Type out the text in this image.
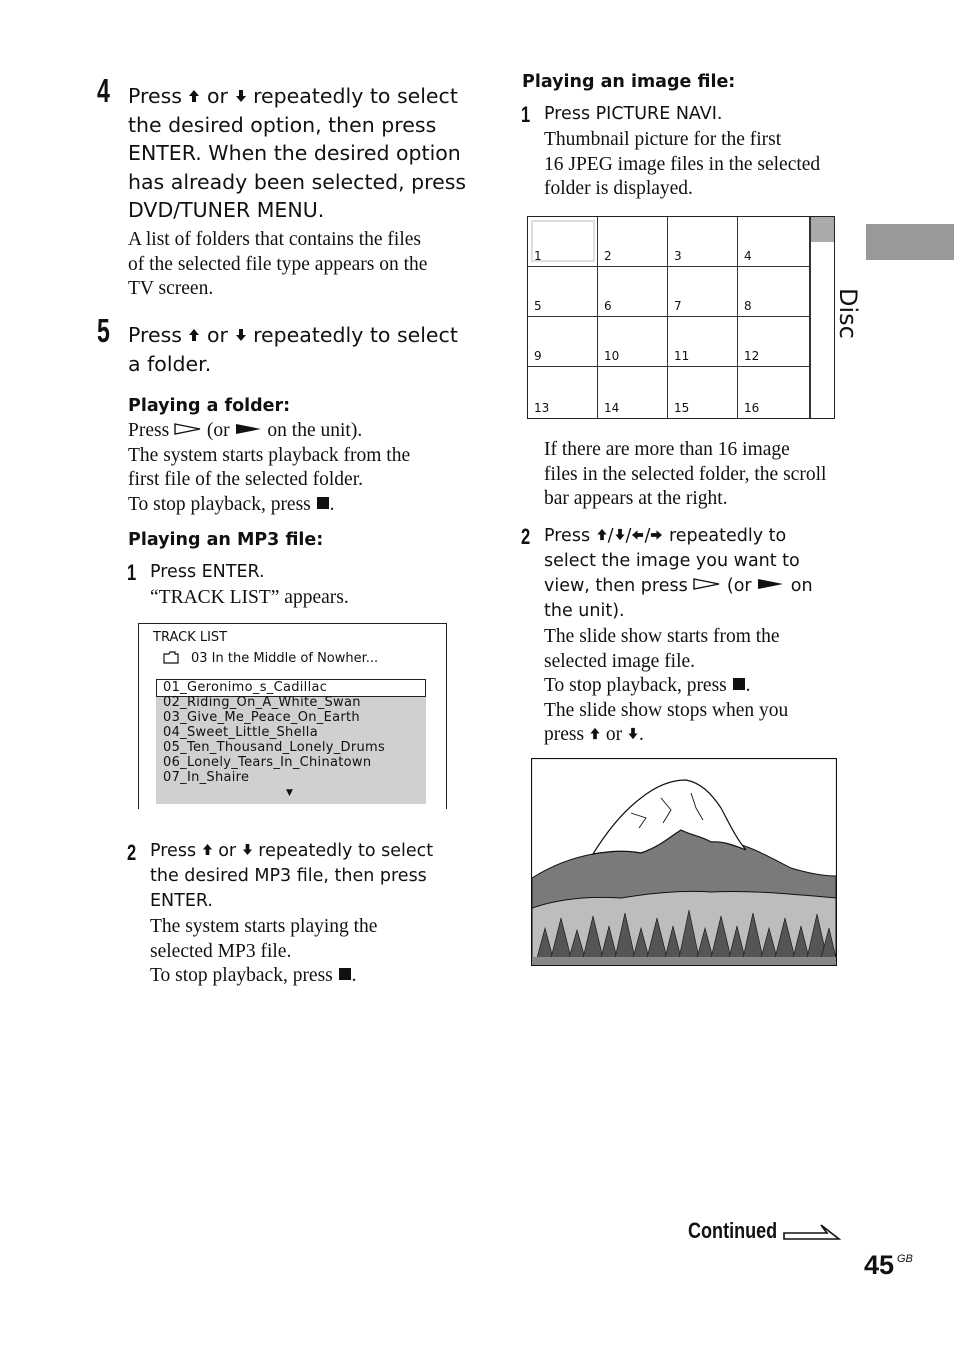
4 Press or repeatedly to select
the desired option, then press
ENTER. When the desired option
has already been selected, press
DVD/TUNER MENU.
A list of folders that contains the files
of the selected file type appears on the
TV screen.
5 Press or repeatedly to select
a folder.
Playing a folder:
Press (or on the unit).
The system starts playback from the
first file of the selected folder.
To stop playback, press .
Playing an MP3 file:
1 Press ENTER.
“TRACK LIST” appears.
TRACK LIST
03 In the Middle of Nowher...
01_Geronimo_s_Cadillac
02_Riding_On_A_White_Swan
03_Give_Me_Peace_On_Earth
04_Sweet_Little_Shella
05_Ten_Thousand_Lonely_Drums
06_Lonely_Tears_In_Chinatown
07_In_Shaire
▼
2 Press or repeatedly to select
the desired MP3 file, then press
ENTER.
The system starts playing the
selected MP3 file.
To stop playback, press .
Playing an image file:
1 Press PICTURE NAVI.
Thumbnail picture for the first
16 JPEG image files in the selected
folder is displayed.
1	2	3	4
5	6	7	8
9	10	11	12
13	14	15	16
If there are more than 16 image
files in the selected folder, the scroll
bar appears at the right.
2 Press / / / repeatedly to
select the image you want to
view, then press (or on
the unit).
The slide show starts from the
selected image file.
To stop playback, press .
The slide show stops when you
press or .
Disc
Continued
45 GB
